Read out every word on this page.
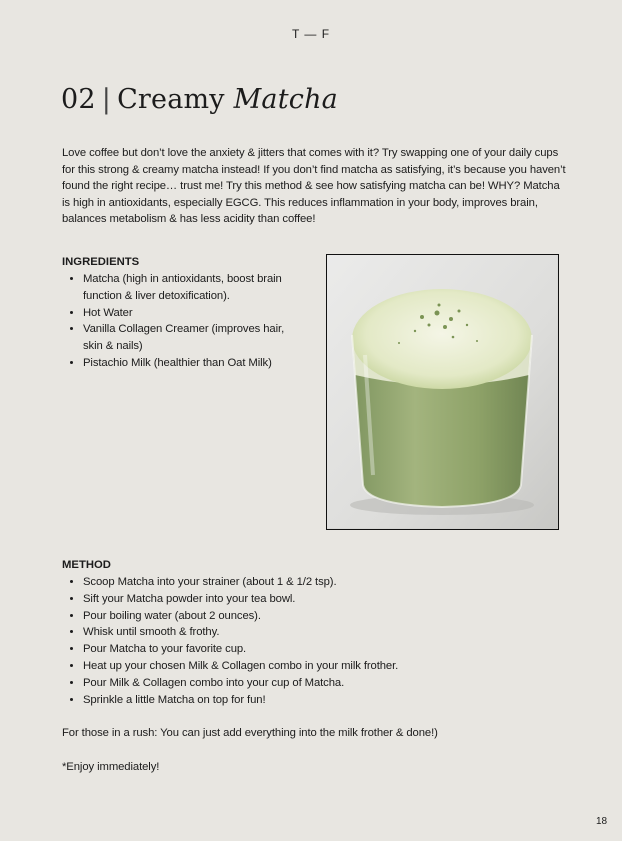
T — F
02 | Creamy Matcha

Love coffee but don’t love the anxiety & jitters that comes with it? Try swapping one of your daily cups for this strong & creamy matcha instead! If you don’t find matcha as satisfying, it’s because you haven’t found the right recipe… trust me! Try this method & see how satisfying matcha can be! WHY? Matcha is high in antioxidants, especially EGCG. This reduces inflammation in your body, improves brain, balances metabolism & has less acidity than coffee!

INGREDIENTS
• Matcha (high in antioxidants, boost brain function & liver detoxification).
• Hot Water
• Vanilla Collagen Creamer (improves hair, skin & nails)
• Pistachio Milk (healthier than Oat Milk)
METHOD
• Scoop Matcha into your strainer (about 1 & 1/2 tsp).
• Sift your Matcha powder into your tea bowl.
• Pour boiling water (about 2 ounces).
• Whisk until smooth & frothy.
• Pour Matcha to your favorite cup.
• Heat up your chosen Milk & Collagen combo in your milk frother.
• Pour Milk & Collagen combo into your cup of Matcha.
• Sprinkle a little Matcha on top for fun!

For those in a rush: You can just add everything into the milk frother & done!)

*Enjoy immediately!

18
